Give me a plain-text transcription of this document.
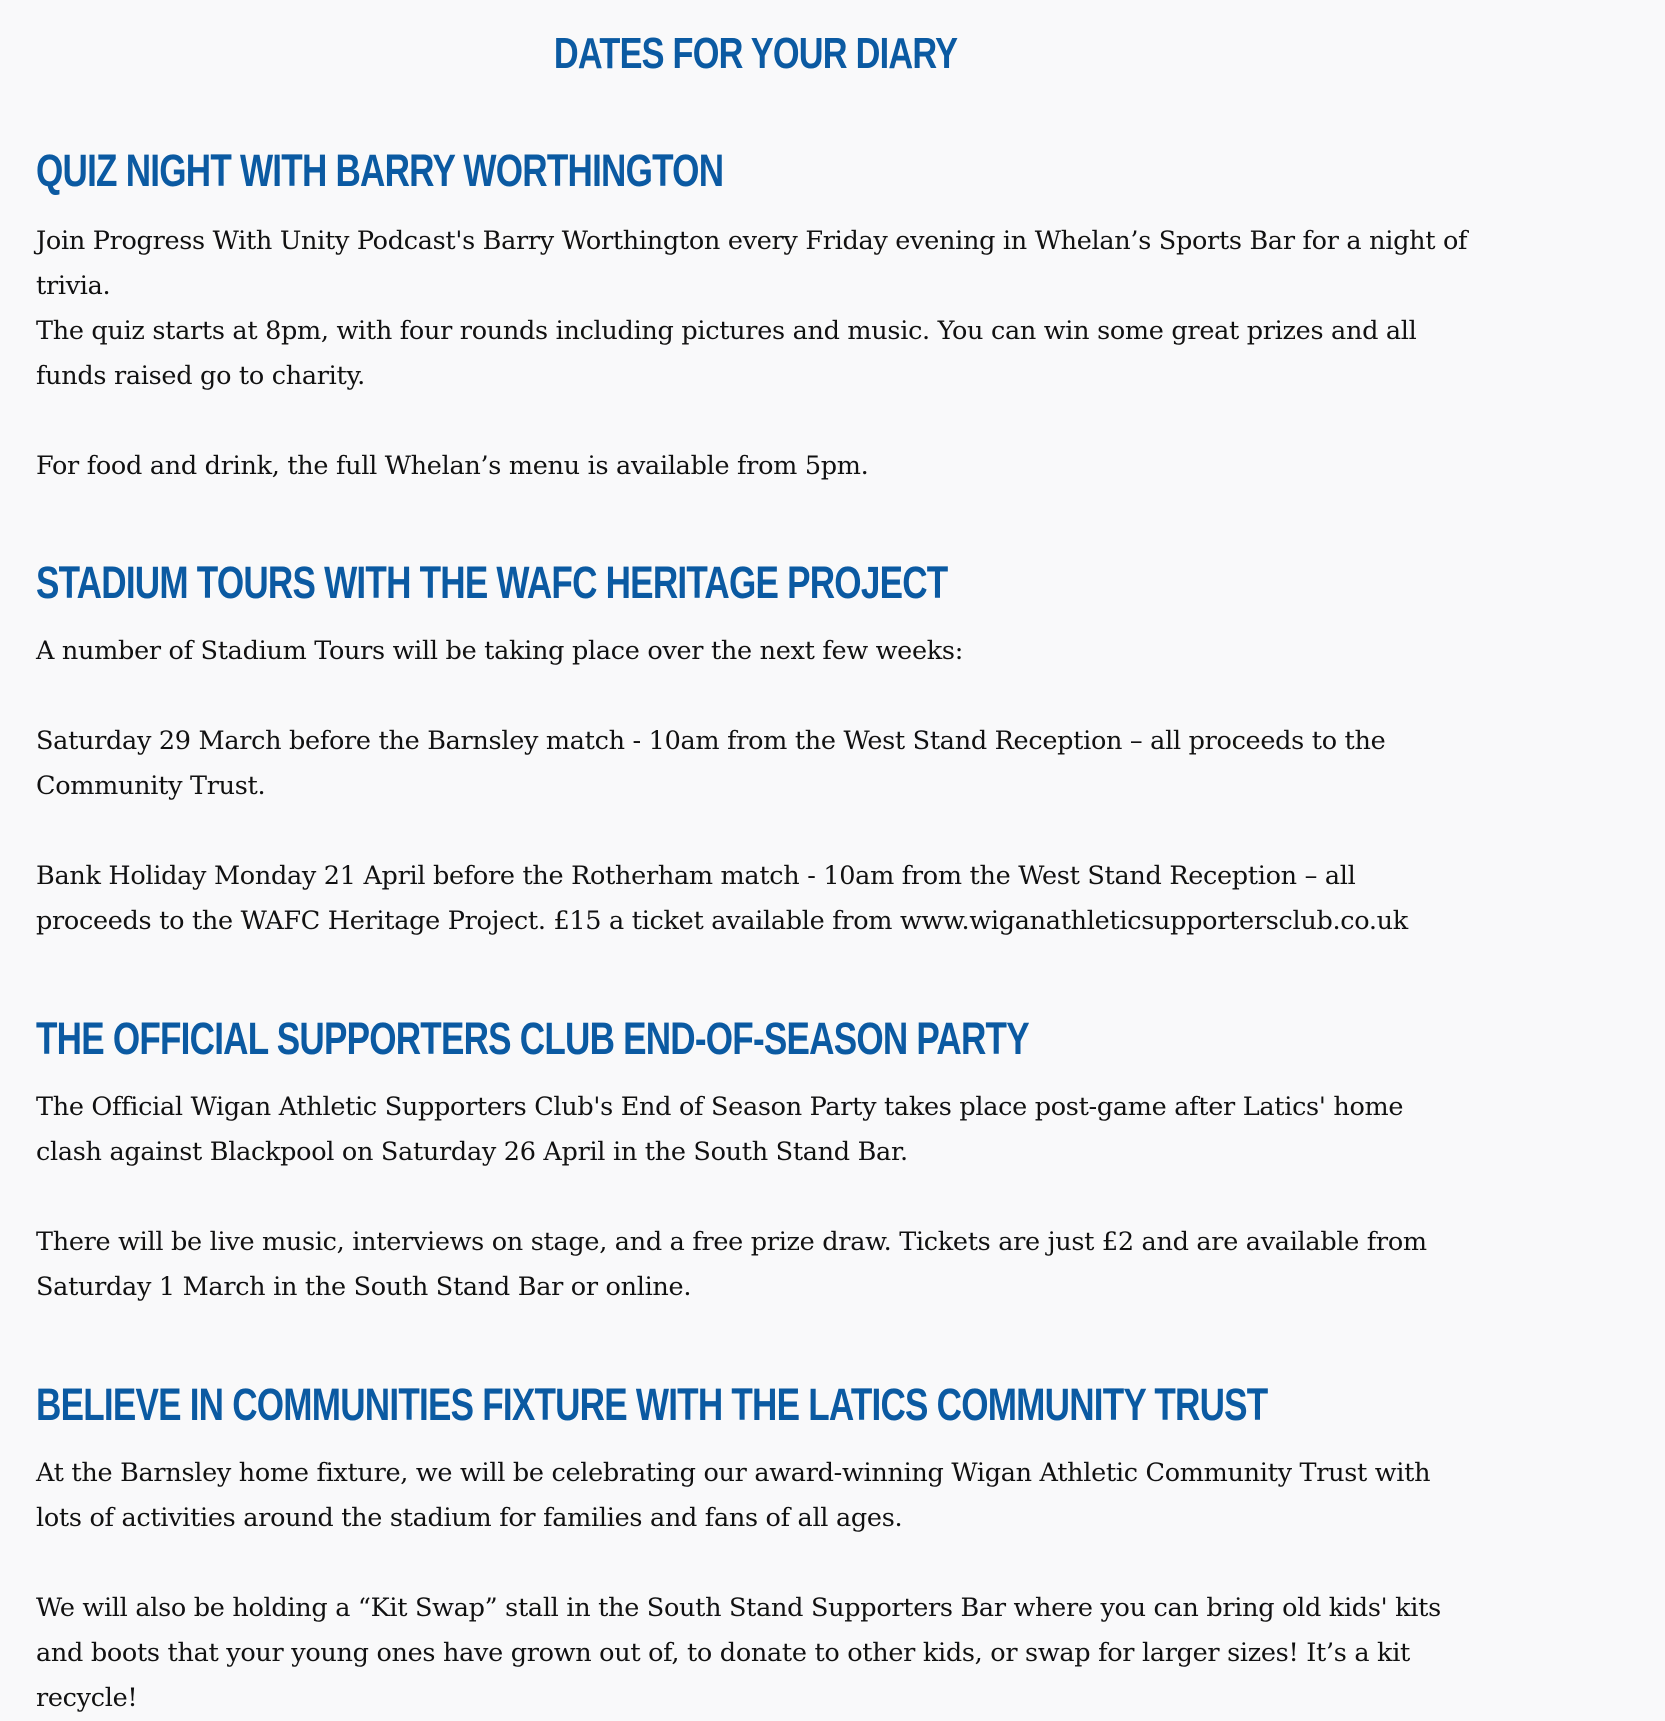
DATES FOR YOUR DIARY
QUIZ NIGHT WITH BARRY WORTHINGTON

Join Progress With Unity Podcast's Barry Worthington every Friday evening in Whelan’s Sports Bar for a night of trivia.

The quiz starts at 8pm, with four rounds including pictures and music. You can win some great prizes and all funds raised go to charity.

For food and drink, the full Whelan’s menu is available from 5pm.

STADIUM TOURS WITH THE WAFC HERITAGE PROJECT

A number of Stadium Tours will be taking place over the next few weeks:

Saturday 29 March before the Barnsley match - 10am from the West Stand Reception – all proceeds to the Community Trust.

Bank Holiday Monday 21 April before the Rotherham match - 10am from the West Stand Reception – all proceeds to the WAFC Heritage Project. £15 a ticket available from www.wiganathleticsupportersclub.co.uk

THE OFFICIAL SUPPORTERS CLUB END-OF-SEASON PARTY

The Official Wigan Athletic Supporters Club's End of Season Party takes place post-game after Latics' home clash against Blackpool on Saturday 26 April in the South Stand Bar.

There will be live music, interviews on stage, and a free prize draw. Tickets are just £2 and are available from Saturday 1 March in the South Stand Bar or online.

BELIEVE IN COMMUNITIES FIXTURE WITH THE LATICS COMMUNITY TRUST

At the Barnsley home fixture, we will be celebrating our award-winning Wigan Athletic Community Trust with lots of activities around the stadium for families and fans of all ages.

We will also be holding a “Kit Swap” stall in the South Stand Supporters Bar where you can bring old kids' kits and boots that your young ones have grown out of, to donate to other kids, or swap for larger sizes! It’s a kit recycle!
